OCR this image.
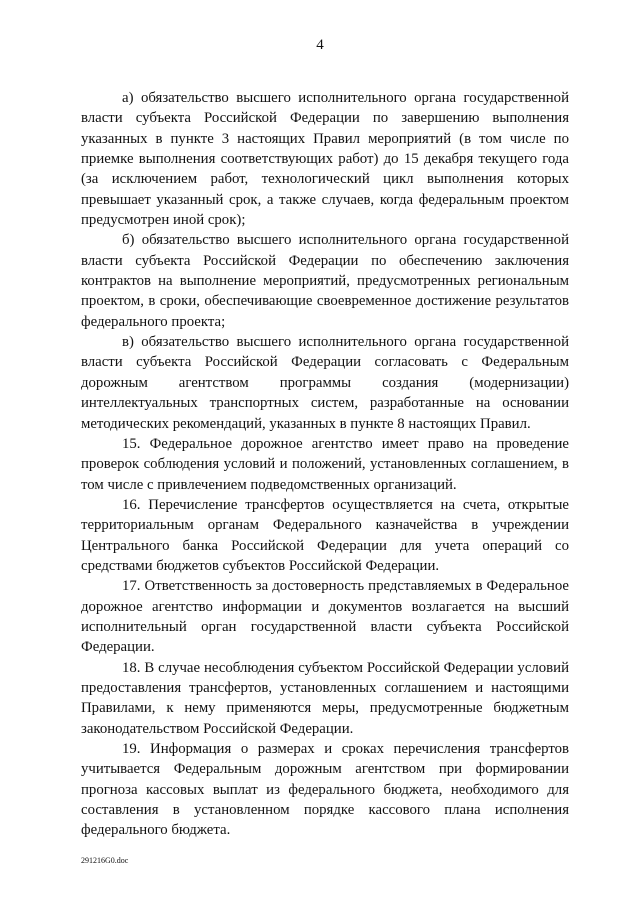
4

а) обязательство высшего исполнительного органа государственной власти субъекта Российской Федерации по завершению выполнения указанных в пункте 3 настоящих Правил мероприятий (в том числе по приемке выполнения соответствующих работ) до 15 декабря текущего года (за исключением работ, технологический цикл выполнения которых превышает указанный срок, а также случаев, когда федеральным проектом предусмотрен иной срок);

б) обязательство высшего исполнительного органа государственной власти субъекта Российской Федерации по обеспечению заключения контрактов на выполнение мероприятий, предусмотренных региональным проектом, в сроки, обеспечивающие своевременное достижение результатов федерального проекта;

в) обязательство высшего исполнительного органа государственной власти субъекта Российской Федерации согласовать с Федеральным дорожным агентством программы создания (модернизации) интеллектуальных транспортных систем, разработанные на основании методических рекомендаций, указанных в пункте 8 настоящих Правил.

15. Федеральное дорожное агентство имеет право на проведение проверок соблюдения условий и положений, установленных соглашением, в том числе с привлечением подведомственных организаций.

16. Перечисление трансфертов осуществляется на счета, открытые территориальным органам Федерального казначейства в учреждении Центрального банка Российской Федерации для учета операций со средствами бюджетов субъектов Российской Федерации.

17. Ответственность за достоверность представляемых в Федеральное дорожное агентство информации и документов возлагается на высший исполнительный орган государственной власти субъекта Российской Федерации.

18. В случае несоблюдения субъектом Российской Федерации условий предоставления трансфертов, установленных соглашением и настоящими Правилами, к нему применяются меры, предусмотренные бюджетным законодательством Российской Федерации.

19. Информация о размерах и сроках перечисления трансфертов учитывается Федеральным дорожным агентством при формировании прогноза кассовых выплат из федерального бюджета, необходимого для составления в установленном порядке кассового плана исполнения федерального бюджета.

291216G0.doc
